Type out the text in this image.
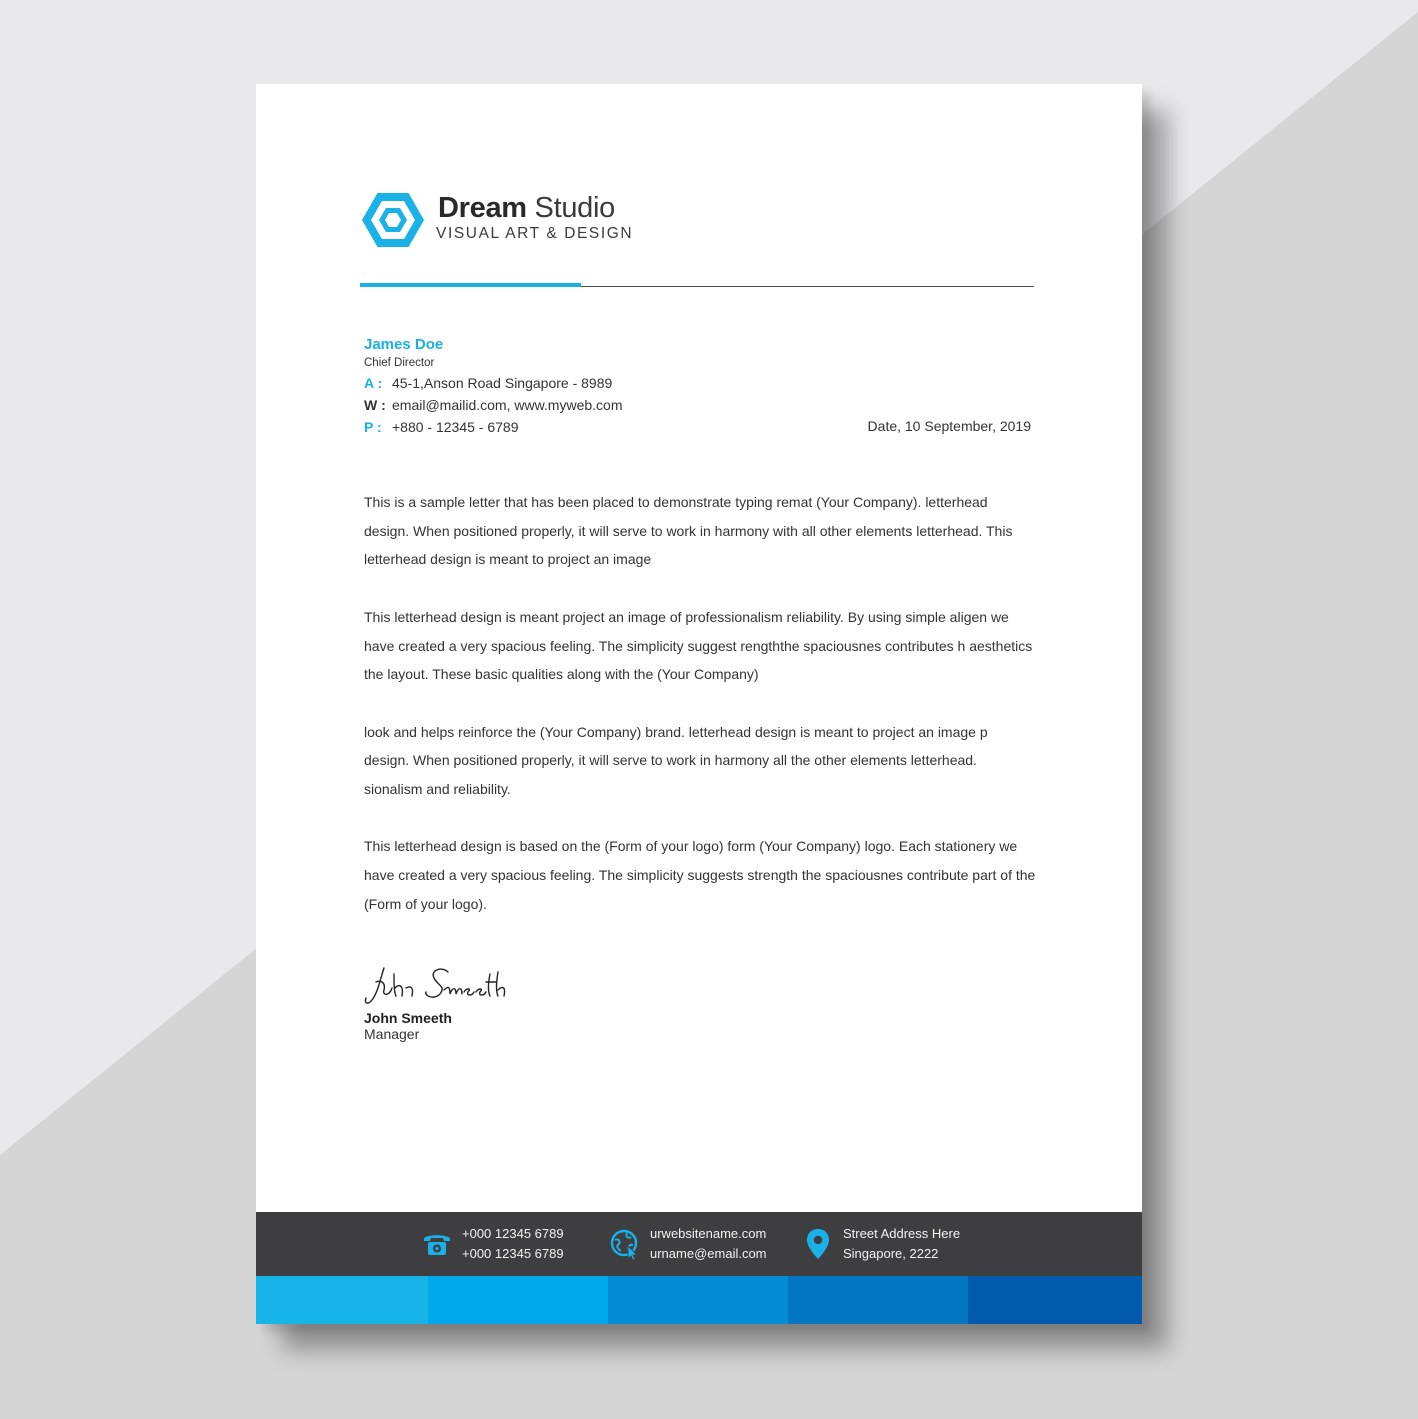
Dream Studio
VISUAL ART & DESIGN
James Doe
Chief Director
A : 45-1,Anson Road Singapore - 8989
W : email@mailid.com, www.myweb.com
P : +880 - 12345 - 6789	Date, 10 September, 2019

This is a sample letter that has been placed to demonstrate typing remat (Your Company). letterhead design. When positioned properly, it will serve to work in harmony with all other elements letterhead. This letterhead design is meant to project an image

This letterhead design is meant project an image of professionalism reliability. By using simple aligen we have created a very spacious feeling. The simplicity suggest rengththe spaciousnes contributes h aesthetics the layout. These basic qualities along with the (Your Company)

look and helps reinforce the (Your Company) brand. letterhead design is meant to project an image p design. When positioned properly, it will serve to work in harmony all the other elements letterhead. sionalism and reliability.

This letterhead design is based on the (Form of your logo) form (Your Company) logo. Each stationery we have created a very spacious feeling. The simplicity suggests strength the spaciousnes contribute part of the (Form of your logo).

John Smeeth
Manager
+000 12345 6789
+000 12345 6789
urwebsitename.com
urname@email.com
Street Address Here
Singapore, 2222
